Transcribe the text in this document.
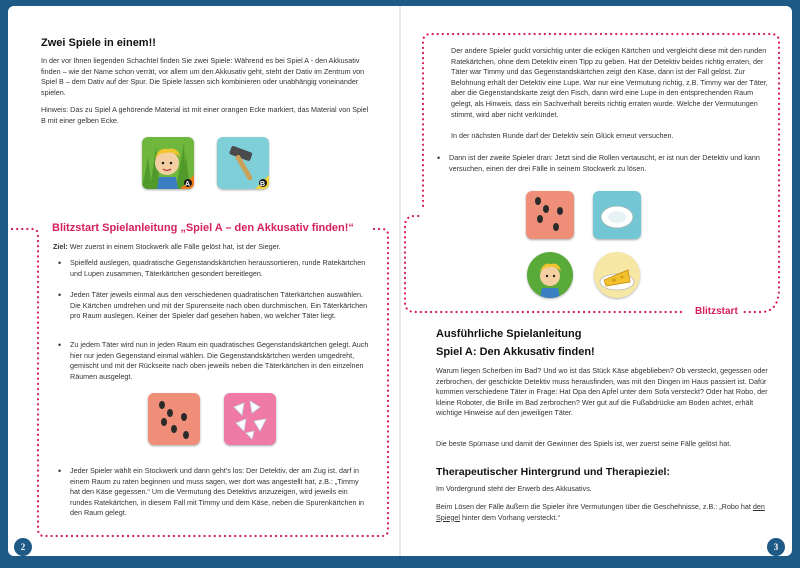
Zwei Spiele in einem!!

In der vor Ihnen liegenden Schachtel finden Sie zwei Spiele: Während es bei Spiel A - den Akkusativ finden – wie der Name schon verrät, vor allem um den Akkusativ geht, steht der Dativ im Zentrum von Spiel B – dem Dativ auf der Spur. Die Spiele lassen sich kombinieren oder unabhängig voneinander spielen.

Hinweis: Das zu Spiel A gehörende Material ist mit einer orangen Ecke markiert, das Material von Spiel B mit einer gelben Ecke.

A	B
Blitzstart Spielanleitung „Spiel A – den Akkusativ finden!“

Ziel: Wer zuerst in einem Stockwerk alle Fälle gelöst hat, ist der Sieger.

• Spielfeld auslegen, quadratische Gegenstandskärtchen heraussortieren, runde Ratekärtchen und Lupen zusammen, Täterkärtchen gesondert bereitlegen.

• Jeden Täter jeweils einmal aus den verschiedenen quadratischen Täterkärtchen auswählen. Die Kärtchen umdrehen und mit der Spurenseite nach oben durchmischen. Ein Täterkärtchen pro Raum auslegen. Keiner der Spieler darf gesehen haben, wo welcher Täter liegt.

• Zu jedem Täter wird nun in jeden Raum ein quadratisches Gegenstandskärtchen gelegt. Auch hier nur jeden Gegenstand einmal wählen. Die Gegenstandskärtchen werden umgedreht, gemischt und mit der Rückseite nach oben jeweils neben die Täterkärtchen in den einzelnen Räumen ausgelegt.

• Jeder Spieler wählt ein Stockwerk und dann geht’s los: Der Detektiv, der am Zug ist, darf in einem Raum zu raten beginnen und muss sagen, wer dort was angestellt hat, z.B.: „Timmy hat den Käse gegessen.“ Um die Vermutung des Detektivs anzuzeigen, wird jeweils ein rundes Ratekärtchen, in diesem Fall mit Timmy und dem Käse, neben die Spurenkärtchen in den Raum gelegt.

2

Der andere Spieler guckt vorsichtig unter die eckigen Kärtchen und vergleicht diese mit den runden Ratekärtchen, ohne dem Detektiv einen Tipp zu geben. Hat der Detektiv beides richtig erraten, der Täter war Timmy und das Gegenstandskärtchen zeigt den Käse, dann ist der Fall gelöst. Zur Belohnung erhält der Detektiv eine Lupe. War nur eine Vermutung richtig, z.B. Timmy war der Täter, aber die Gegenstandskarte zeigt den Fisch, dann wird eine Lupe in den entsprechenden Raum gelegt, als Hinweis, dass ein Sachverhalt bereits richtig erraten wurde. Welche der Vermutungen stimmt, wird aber nicht verkündet.

In der nächsten Runde darf der Detektiv sein Glück erneut versuchen.

• Dann ist der zweite Spieler dran: Jetzt sind die Rollen vertauscht, er ist nun der Detektiv und kann versuchen, einen der drei Fälle in seinem Stockwerk zu lösen.

Blitzstart
Ausführliche Spielanleitung
Spiel A: Den Akkusativ finden!

Warum liegen Scherben im Bad? Und wo ist das Stück Käse abgeblieben? Ob versteckt, gegessen oder zerbrochen, der geschickte Detektiv muss herausfinden, was mit den Dingen im Haus passiert ist. Dafür kommen verschiedene Täter in Frage: Hat Opa den Apfel unter dem Sofa versteckt? Oder hat Robo, der kleine Roboter, die Brille im Bad zerbrochen? Wer gut auf die Fußabdrücke am Boden achtet, erhält wichtige Hinweise auf den jeweiligen Täter.

Die beste Spürnase und damit der Gewinner des Spiels ist, wer zuerst seine Fälle gelöst hat.

Therapeutischer Hintergrund und Therapieziel:

Im Vordergrund steht der Erwerb des Akkusativs.

Beim Lösen der Fälle äußern die Spieler ihre Vermutungen über die Geschehnisse, z.B.: „Robo hat den Spiegel hinter dem Vorhang versteckt.“

3
